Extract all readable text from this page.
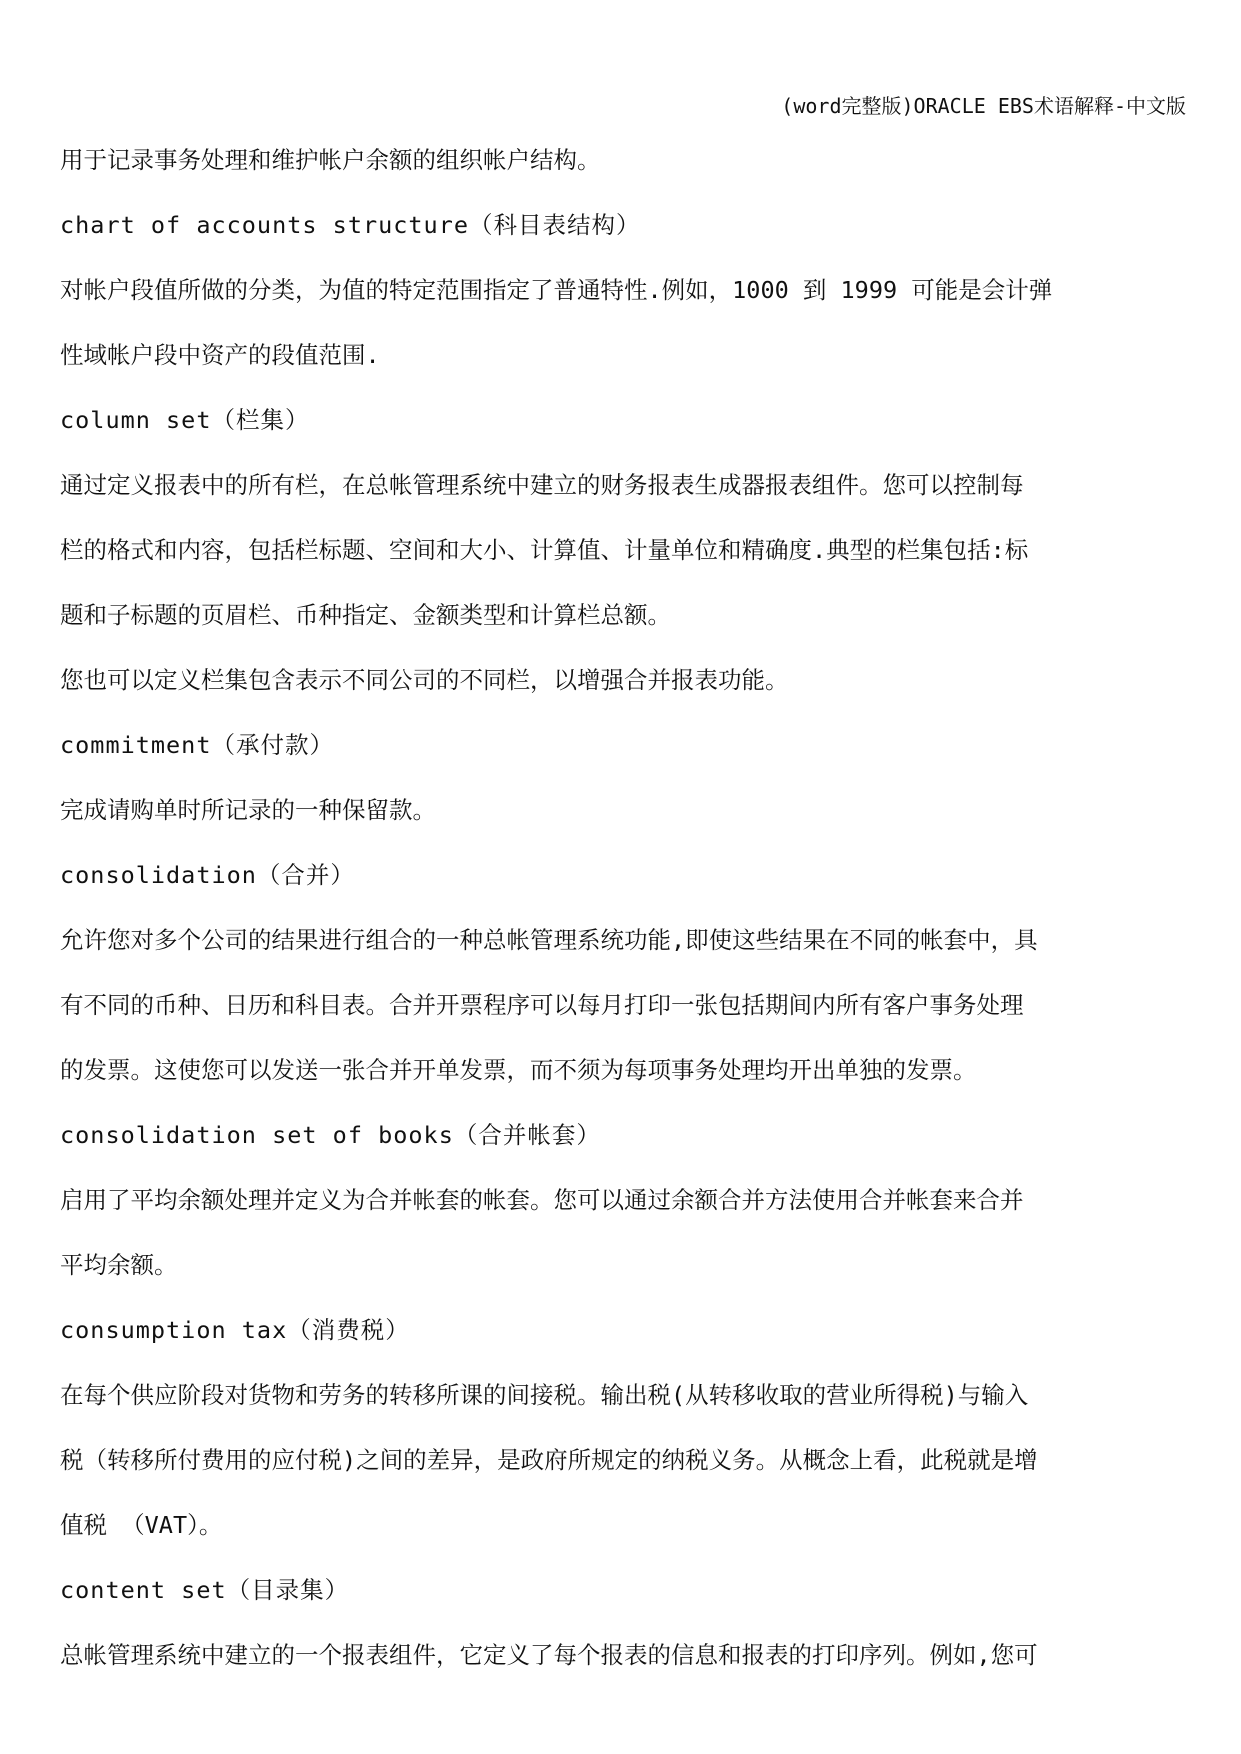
(word完整版)ORACLE EBS术语解释-中文版
用于记录事务处理和维护帐户余额的组织帐户结构。
chart of accounts structure（科目表结构）
对帐户段值所做的分类，为值的特定范围指定了普通特性.例如，1000 到 1999 可能是会计弹
性域帐户段中资产的段值范围.
column set（栏集）
通过定义报表中的所有栏，在总帐管理系统中建立的财务报表生成器报表组件。您可以控制每
栏的格式和内容，包括栏标题、空间和大小、计算值、计量单位和精确度.典型的栏集包括:标
题和子标题的页眉栏、币种指定、金额类型和计算栏总额。
您也可以定义栏集包含表示不同公司的不同栏，以增强合并报表功能。
commitment（承付款）
完成请购单时所记录的一种保留款。
consolidation（合并）
允许您对多个公司的结果进行组合的一种总帐管理系统功能,即使这些结果在不同的帐套中，具
有不同的币种、日历和科目表。合并开票程序可以每月打印一张包括期间内所有客户事务处理
的发票。这使您可以发送一张合并开单发票，而不须为每项事务处理均开出单独的发票。
consolidation set of books（合并帐套）
启用了平均余额处理并定义为合并帐套的帐套。您可以通过余额合并方法使用合并帐套来合并
平均余额。
consumption tax（消费税）
在每个供应阶段对货物和劳务的转移所课的间接税。输出税(从转移收取的营业所得税)与输入
税（转移所付费用的应付税)之间的差异，是政府所规定的纳税义务。从概念上看，此税就是增
值税 （VAT）。
content set（目录集）
总帐管理系统中建立的一个报表组件，它定义了每个报表的信息和报表的打印序列。例如,您可
